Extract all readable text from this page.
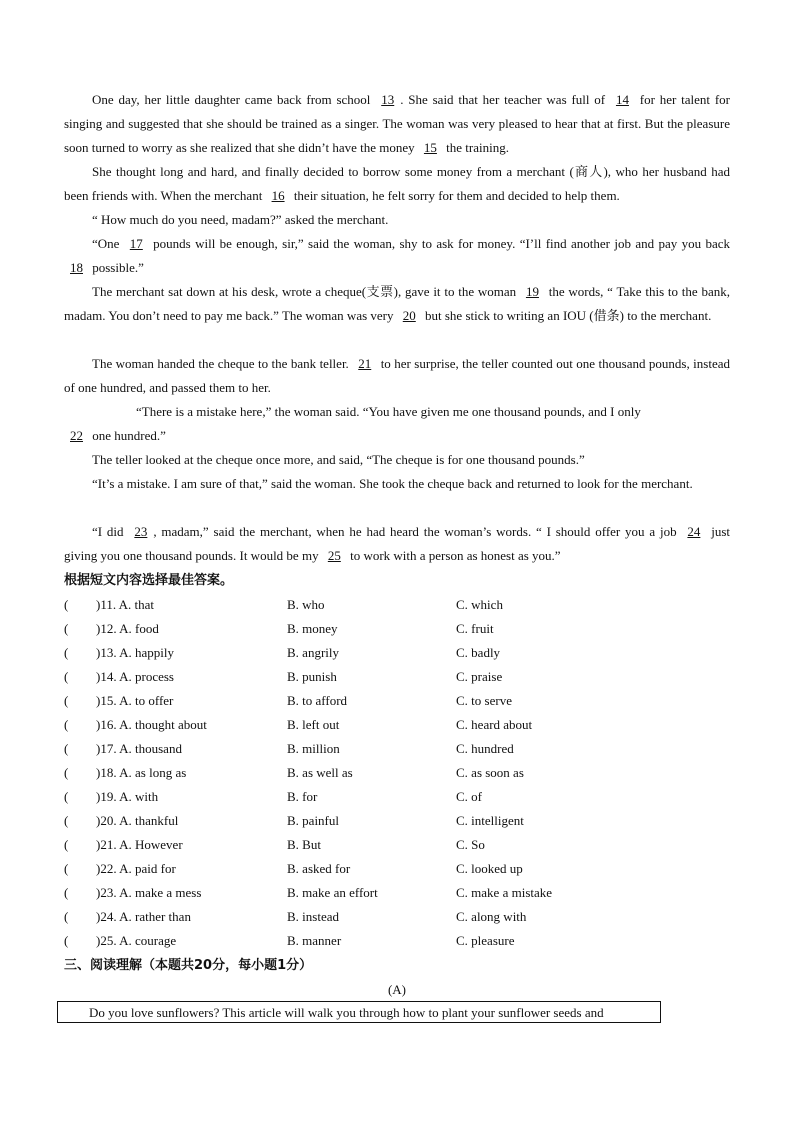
One day, her little daughter came back from school 13 . She said that her teacher was full of 14 for her talent for singing and suggested that she should be trained as a singer. The woman was very pleased to hear that at first. But the pleasure soon turned to worry as she realized that she didn’t have the money 15 the training.

She thought long and hard, and finally decided to borrow some money from a merchant (商人), who her husband had been friends with. When the merchant 16 their situation, he felt sorry for them and decided to help them.

“ How much do you need, madam?” asked the merchant.

“One 17 pounds will be enough, sir,” said the woman, shy to ask for money. “I’ll find another job and pay you back 18 possible.”

The merchant sat down at his desk, wrote a cheque(支票), gave it to the woman 19 the words, “ Take this to the bank, madam. You don’t need to pay me back.” The woman was very 20 but she stick to writing an IOU (借条) to the merchant.

The woman handed the cheque to the bank teller. 21 to her surprise, the teller counted out one thousand pounds, instead of one hundred, and passed them to her.

“There is a mistake here,” the woman said. “You have given me one thousand pounds, and I only
22 one hundred.”

The teller looked at the cheque once more, and said, “The cheque is for one thousand pounds.”

“It’s a mistake. I am sure of that,” said the woman. She took the cheque back and returned to look for the merchant.

“I did 23 , madam,” said the merchant, when he had heard the woman’s words. “ I should offer you a job 24 just giving you one thousand pounds. It would be my 25 to work with a person as honest as you.”

根据短文内容选择最佳答案。

( )11. A. that	B. who	C. which
( )12. A. food	B. money	C. fruit
( )13. A. happily	B. angrily	C. badly
( )14. A. process	B. punish	C. praise
( )15. A. to offer	B. to afford	C. to serve
( )16. A. thought about	B. left out	C. heard about
( )17. A. thousand	B. million	C. hundred
( )18. A. as long as	B. as well as	C. as soon as
( )19. A. with	B. for	C. of
( )20. A. thankful	B. painful	C. intelligent
( )21. A. However	B. But	C. So
( )22. A. paid for	B. asked for	C. looked up
( )23. A. make a mess	B. make an effort	C. make a mistake
( )24. A. rather than	B. instead	C. along with
( )25. A. courage	B. manner	C. pleasure

三、阅读理解（本题共20分，每小题1分）

(A)
Do you love sunflowers? This article will walk you through how to plant your sunflower seeds and
